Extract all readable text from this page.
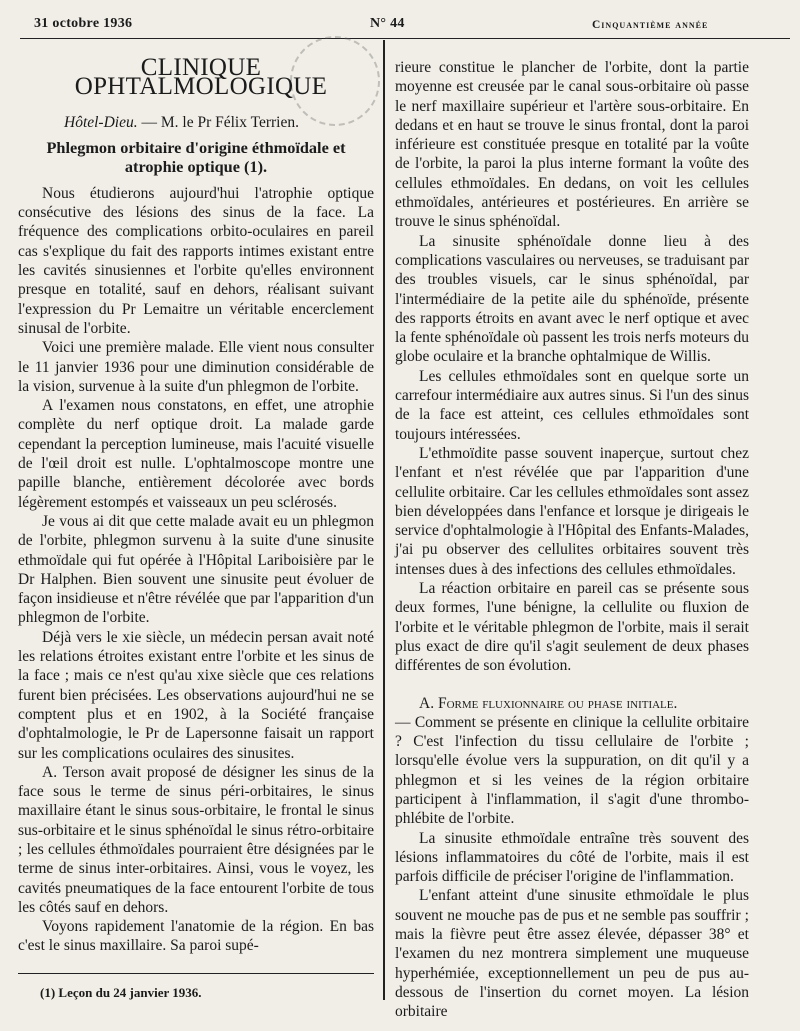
31 octobre 1936	N° 44	Cinquantième année
CLINIQUE OPHTALMOLOGIQUE
Hôtel-Dieu. — M. le Pr Félix Terrien.
Phlegmon orbitaire d'origine éthmoïdale et atrophie optique (1).

Nous étudierons aujourd'hui l'atrophie optique consécutive des lésions des sinus de la face. La fréquence des complications orbito-oculaires en pareil cas s'explique du fait des rapports intimes existant entre les cavités sinusiennes et l'orbite qu'elles environnent presque en totalité, sauf en dehors, réalisant suivant l'expression du Pr Lemaitre un véritable encerclement sinusal de l'orbite.

Voici une première malade. Elle vient nous consulter le 11 janvier 1936 pour une diminution considérable de la vision, survenue à la suite d'un phlegmon de l'orbite.

A l'examen nous constatons, en effet, une atrophie complète du nerf optique droit. La malade garde cependant la perception lumineuse, mais l'acuité visuelle de l'œil droit est nulle. L'ophtalmoscope montre une papille blanche, entièrement décolorée avec bords légèrement estompés et vaisseaux un peu sclérosés.

Je vous ai dit que cette malade avait eu un phlegmon de l'orbite, phlegmon survenu à la suite d'une sinusite ethmoïdale qui fut opérée à l'Hôpital Lariboisière par le Dr Halphen. Bien souvent une sinusite peut évoluer de façon insidieuse et n'être révélée que par l'apparition d'un phlegmon de l'orbite.

Déjà vers le xie siècle, un médecin persan avait noté les relations étroites existant entre l'orbite et les sinus de la face ; mais ce n'est qu'au xixe siècle que ces relations furent bien précisées. Les observations aujourd'hui ne se comptent plus et en 1902, à la Société française d'ophtalmologie, le Pr de Lapersonne faisait un rapport sur les complications oculaires des sinusites.

A. Terson avait proposé de désigner les sinus de la face sous le terme de sinus péri-orbitaires, le sinus maxillaire étant le sinus sous-orbitaire, le frontal le sinus sus-orbitaire et le sinus sphénoïdal le sinus rétro-orbitaire ; les cellules éthmoïdales pourraient être désignées par le terme de sinus inter-orbitaires. Ainsi, vous le voyez, les cavités pneumatiques de la face entourent l'orbite de tous les côtés sauf en dehors.

Voyons rapidement l'anatomie de la région. En bas c'est le sinus maxillaire. Sa paroi supé-

(1) Leçon du 24 janvier 1936.

rieure constitue le plancher de l'orbite, dont la partie moyenne est creusée par le canal sous-orbitaire où passe le nerf maxillaire supérieur et l'artère sous-orbitaire. En dedans et en haut se trouve le sinus frontal, dont la paroi inférieure est constituée presque en totalité par la voûte de l'orbite, la paroi la plus interne formant la voûte des cellules ethmoïdales. En dedans, on voit les cellules ethmoïdales, antérieures et postérieures. En arrière se trouve le sinus sphénoïdal.

La sinusite sphénoïdale donne lieu à des complications vasculaires ou nerveuses, se traduisant par des troubles visuels, car le sinus sphénoïdal, par l'intermédiaire de la petite aile du sphénoïde, présente des rapports étroits en avant avec le nerf optique et avec la fente sphénoïdale où passent les trois nerfs moteurs du globe oculaire et la branche ophtalmique de Willis.

Les cellules ethmoïdales sont en quelque sorte un carrefour intermédiaire aux autres sinus. Si l'un des sinus de la face est atteint, ces cellules ethmoïdales sont toujours intéressées.

L'ethmoïdite passe souvent inaperçue, surtout chez l'enfant et n'est révélée que par l'apparition d'une cellulite orbitaire. Car les cellules ethmoïdales sont assez bien développées dans l'enfance et lorsque je dirigeais le service d'ophtalmologie à l'Hôpital des Enfants-Malades, j'ai pu observer des cellulites orbitaires souvent très intenses dues à des infections des cellules ethmoïdales.

La réaction orbitaire en pareil cas se présente sous deux formes, l'une bénigne, la cellulite ou fluxion de l'orbite et le véritable phlegmon de l'orbite, mais il serait plus exact de dire qu'il s'agit seulement de deux phases différentes de son évolution.

A. Forme fluxionnaire ou phase initiale.

— Comment se présente en clinique la cellulite orbitaire ? C'est l'infection du tissu cellulaire de l'orbite ; lorsqu'elle évolue vers la suppuration, on dit qu'il y a phlegmon et si les veines de la région orbitaire participent à l'inflammation, il s'agit d'une thrombo-phlébite de l'orbite.

La sinusite ethmoïdale entraîne très souvent des lésions inflammatoires du côté de l'orbite, mais il est parfois difficile de préciser l'origine de l'inflammation.

L'enfant atteint d'une sinusite ethmoïdale le plus souvent ne mouche pas de pus et ne semble pas souffrir ; mais la fièvre peut être assez élevée, dépasser 38° et l'examen du nez montrera simplement une muqueuse hyperhémiée, exceptionnellement un peu de pus au-dessous de l'insertion du cornet moyen. La lésion orbitaire
